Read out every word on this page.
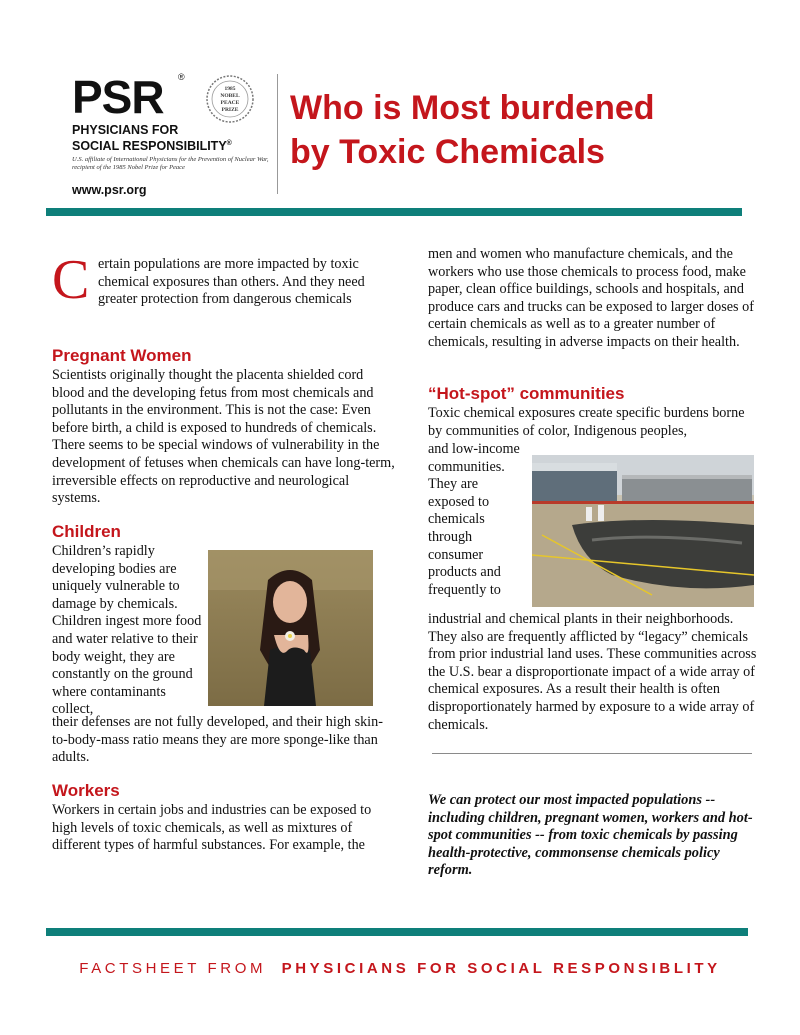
PSR ®
1985
NOBEL
PEACE
PRIZE
PHYSICIANS FOR
SOCIAL RESPONSIBILITY®
U.S. affiliate of International Physicians for the Prevention of Nuclear War, recipient of the 1985 Nobel Prize for Peace
www.psr.org
Who is Most burdened
by Toxic Chemicals
C ertain populations are more impacted by toxic chemical exposures than others. And they need greater protection from dangerous chemicals
Pregnant Women
Scientists originally thought the placenta shielded cord blood and the developing fetus from most chemicals and pollutants in the environment. This is not the case: Even before birth, a child is exposed to hundreds of chemicals. There seems to be special windows of vulnerability in the development of fetuses when chemicals can have long-term, irreversible effects on reproductive and neurological systems.
Children
Children’s rapidly developing bodies are uniquely vulnerable to damage by chemicals. Children ingest more food and water relative to their body weight, they are constantly on the ground where contaminants collect,
their defenses are not fully developed, and their high skin-to-body-mass ratio means they are more sponge-like than adults.
Workers
Workers in certain jobs and industries can be exposed to high levels of toxic chemicals, as well as mixtures of different types of harmful substances. For example, the
men and women who manufacture chemicals, and the workers who use those chemicals to process food, make paper, clean office buildings, schools and hospitals, and produce cars and trucks can be exposed to larger doses of certain chemicals as well as to a greater number of chemicals, resulting in adverse impacts on their health.
“Hot-spot” communities
Toxic chemical exposures create specific burdens borne by communities of color, Indigenous peoples,
and low-income communities. They are exposed to chemicals through consumer products and frequently to
industrial and chemical plants in their neighborhoods. They also are frequently afflicted by “legacy” chemicals from prior industrial land uses. These communities across the U.S. bear a disproportionate impact of a wide array of chemical exposures. As a result their health is often disproportionately harmed by exposure to a wide array of chemicals.
We can protect our most impacted populations -- including children, pregnant women, workers and hot-spot communities -- from toxic chemicals by passing health-protective, commonsense chemicals policy reform.
FACTSHEET FROM PHYSICIANS FOR SOCIAL RESPONSIBLITY
